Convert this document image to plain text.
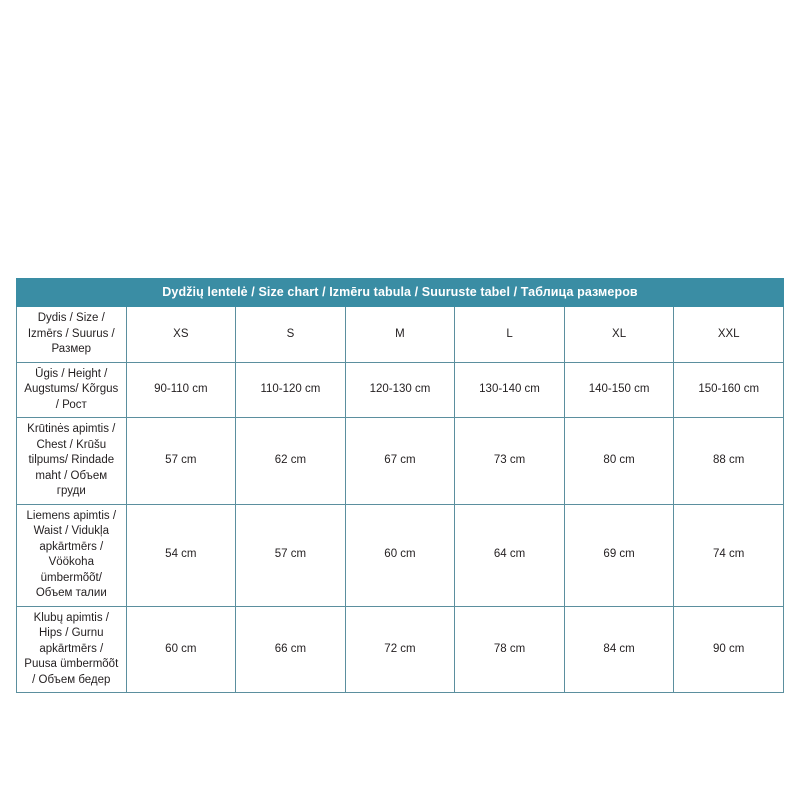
Dydžių lentelė / Size chart / Izmēru tabula / Suuruste tabel / Таблица размеров						
Dydis / Size / Izmērs / Suurus / Размер	XS	S	M	L	XL	XXL
Ūgis / Height / Augstums/ Kõrgus / Рост	90-110 cm	110-120 cm	120-130 cm	130-140 cm	140-150 cm	150-160 cm
Krūtinės apimtis / Chest / Krūšu tilpums/ Rindade maht / Объем груди	57 cm	62 cm	67 cm	73 cm	80 cm	88 cm
Liemens apimtis / Waist / Vidukļa apkārtmērs / Vöökoha ümbermõõt/ Объем талии	54 cm	57 cm	60 cm	64 cm	69 cm	74 cm
Klubų apimtis / Hips / Gurnu apkārtmērs / Puusa ümbermõõt / Объем бедер	60 cm	66 cm	72 cm	78 cm	84 cm	90 cm
